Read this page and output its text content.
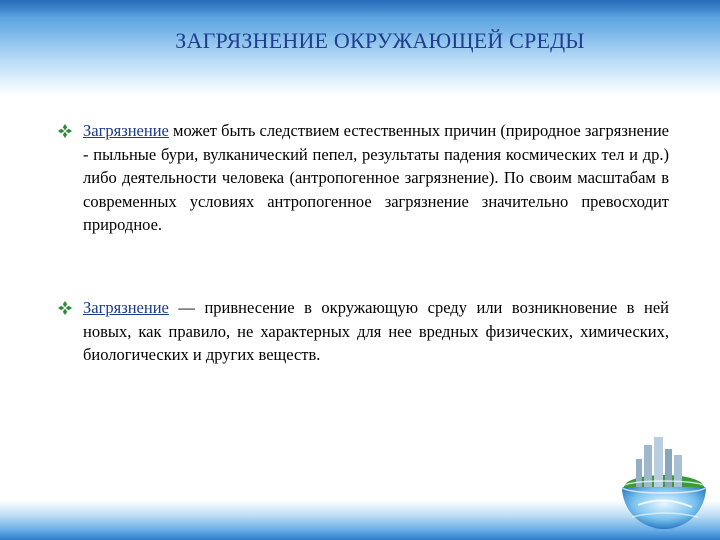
ЗАГРЯЗНЕНИЕ ОКРУЖАЮЩЕЙ СРЕДЫ

Загрязнение может быть следствием естественных причин (природное загрязнение - пыльные бури, вулканический пепел, результаты падения космических тел и др.) либо деятельности человека (антропогенное загрязнение). По своим масштабам в современных условиях антропогенное загрязнение значительно превосходит природное.

Загрязнение — привнесение в окружающую среду или возникновение в ней новых, как правило, не характерных для нее вредных физических, химических, биологических и других веществ.
